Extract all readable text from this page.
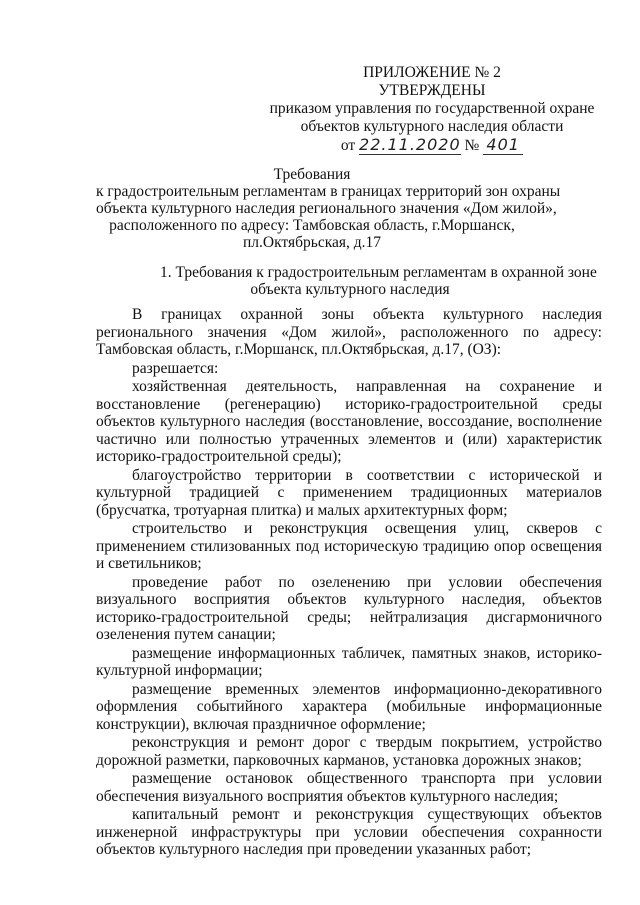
ПРИЛОЖЕНИЕ № 2
УТВЕРЖДЕНЫ
приказом управления по государственной охране
объектов культурного наследия области
от 22.11.2020 № 401
Требования
к градостроительным регламентам в границах территорий зон охраны
объекта культурного наследия регионального значения «Дом жилой»,
расположенного по адресу: Тамбовская область, г.Моршанск,
пл.Октябрьская, д.17
1. Требования к градостроительным регламентам в охранной зоне
объекта культурного наследия

В границах охранной зоны объекта культурного наследия регионального значения «Дом жилой», расположенного по адресу: Тамбовская область, г.Моршанск, пл.Октябрьская, д.17, (ОЗ):

разрешается:

хозяйственная деятельность, направленная на сохранение и восстановление (регенерацию) историко-градостроительной среды объектов культурного наследия (восстановление, воссоздание, восполнение частично или полностью утраченных элементов и (или) характеристик историко-градостроительной среды);

благоустройство территории в соответствии с исторической и культурной традицией с применением традиционных материалов (брусчатка, тротуарная плитка) и малых архитектурных форм;

строительство и реконструкция освещения улиц, скверов с применением стилизованных под историческую традицию опор освещения и светильников;

проведение работ по озеленению при условии обеспечения визуального восприятия объектов культурного наследия, объектов историко-градостроительной среды; нейтрализация дисгармоничного озеленения путем санации;

размещение информационных табличек, памятных знаков, историко-культурной информации;

размещение временных элементов информационно-декоративного оформления событийного характера (мобильные информационные конструкции), включая праздничное оформление;

реконструкция и ремонт дорог с твердым покрытием, устройство дорожной разметки, парковочных карманов, установка дорожных знаков;

размещение остановок общественного транспорта при условии обеспечения визуального восприятия объектов культурного наследия;

капитальный ремонт и реконструкция существующих объектов инженерной инфраструктуры при условии обеспечения сохранности объектов культурного наследия при проведении указанных работ;
